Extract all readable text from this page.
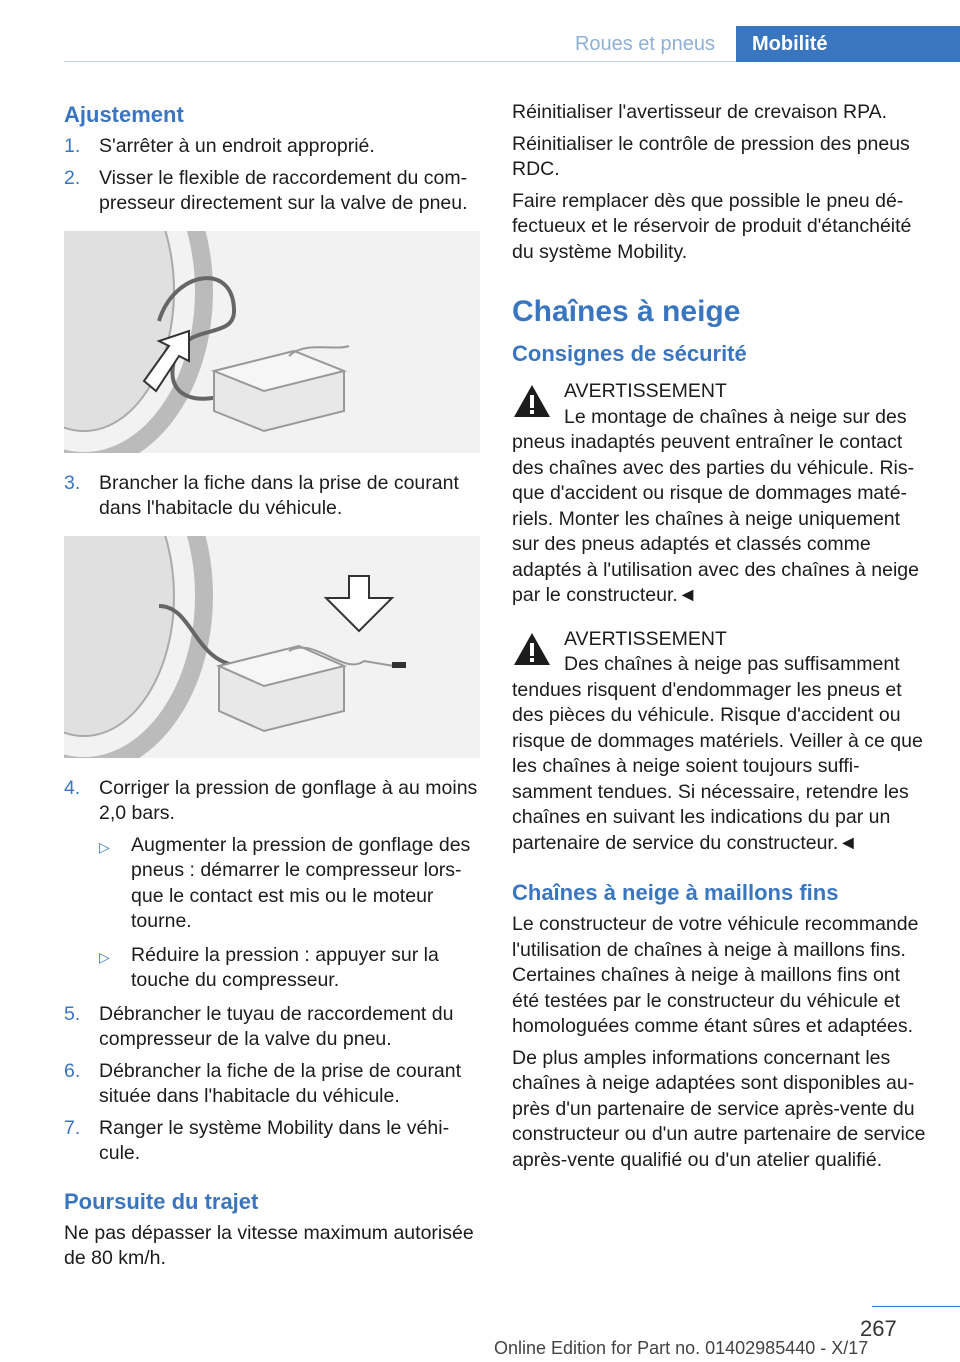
Roues et pneus	Mobilité
Ajustement
1. S'arrêter à un endroit approprié.
2. Visser le flexible de raccordement du compresseur directement sur la valve de pneu.
3. Brancher la fiche dans la prise de courant dans l'habitacle du véhicule.
4. Corriger la pression de gonflage à au moins 2,0 bars.
▷	Augmenter la pression de gonflage des pneus : démarrer le compresseur lorsque le contact est mis ou le moteur tourne.
▷	Réduire la pression : appuyer sur la touche du compresseur.
5. Débrancher le tuyau de raccordement du compresseur de la valve du pneu.
6. Débrancher la fiche de la prise de courant située dans l'habitacle du véhicule.
7. Ranger le système Mobility dans le véhicule.
Poursuite du trajet

Ne pas dépasser la vitesse maximum autorisée de 80 km/h.

Réinitialiser l'avertisseur de crevaison RPA.

Réinitialiser le contrôle de pression des pneus RDC.

Faire remplacer dès que possible le pneu défectueux et le réservoir de produit d'étanchéité du système Mobility.

Chaînes à neige
Consignes de sécurité
AVERTISSEMENT

Le montage de chaînes à neige sur des pneus inadaptés peuvent entraîner le contact des chaînes avec des parties du véhicule. Risque d'accident ou risque de dommages matériels. Monter les chaînes à neige uniquement sur des pneus adaptés et classés comme adaptés à l'utilisation avec des chaînes à neige par le constructeur.◄

AVERTISSEMENT

Des chaînes à neige pas suffisamment tendues risquent d'endommager les pneus et des pièces du véhicule. Risque d'accident ou risque de dommages matériels. Veiller à ce que les chaînes à neige soient toujours suffisamment tendues. Si nécessaire, retendre les chaînes en suivant les indications du par un partenaire de service du constructeur.◄

Chaînes à neige à maillons fins

Le constructeur de votre véhicule recommande l'utilisation de chaînes à neige à maillons fins. Certaines chaînes à neige à maillons fins ont été testées par le constructeur du véhicule et homologuées comme étant sûres et adaptées.

De plus amples informations concernant les chaînes à neige adaptées sont disponibles auprès d'un partenaire de service après-vente du constructeur ou d'un autre partenaire de service après-vente qualifié ou d'un atelier qualifié.

267
Online Edition for Part no. 01402985440 - X/17
